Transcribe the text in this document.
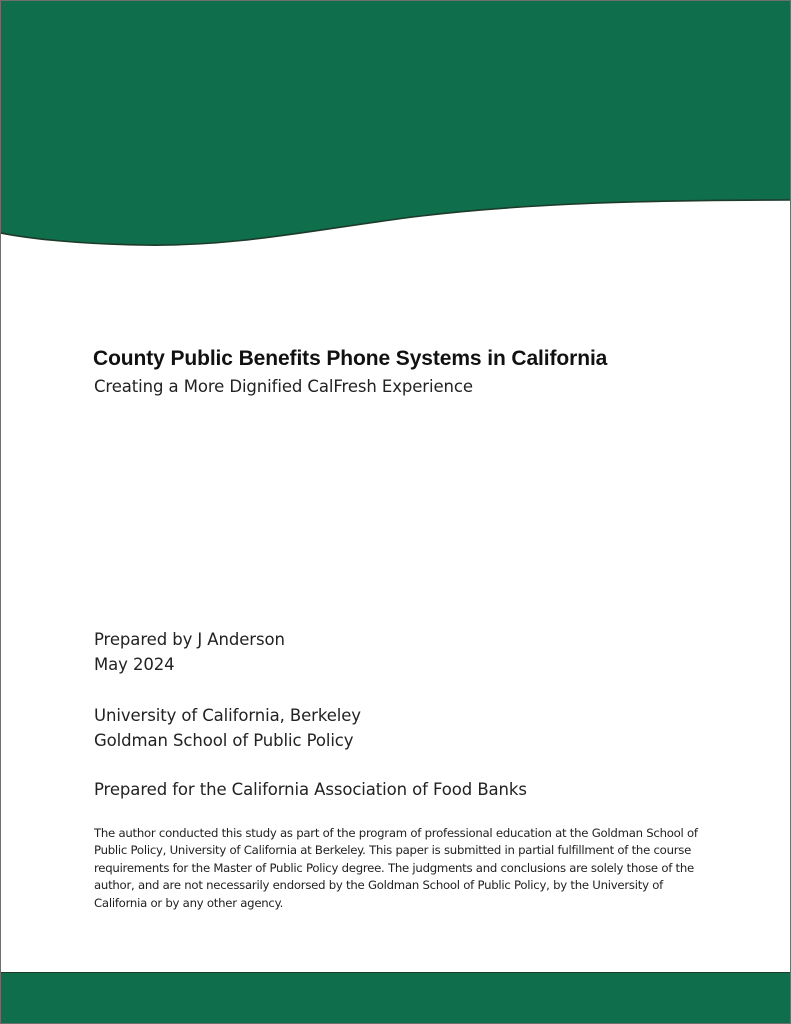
County Public Benefits Phone Systems in California
Creating a More Dignified CalFresh Experience
Prepared by J Anderson
May 2024
University of California, Berkeley
Goldman School of Public Policy
Prepared for the California Association of Food Banks

The author conducted this study as part of the program of professional education at the Goldman School of Public Policy, University of California at Berkeley. This paper is submitted in partial fulfillment of the course requirements for the Master of Public Policy degree. The judgments and conclusions are solely those of the author, and are not necessarily endorsed by the Goldman School of Public Policy, by the University of California or by any other agency.
